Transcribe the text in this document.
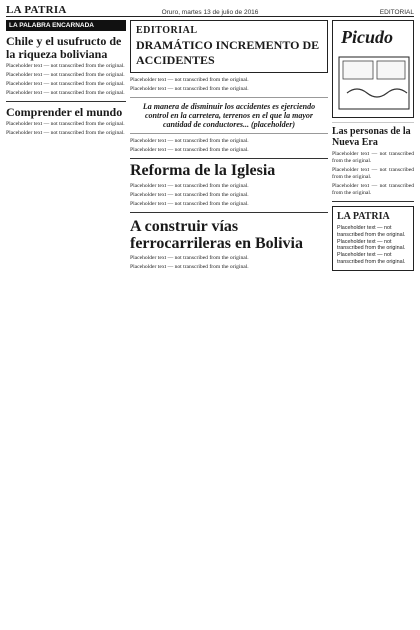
LA PATRIA	Oruro, martes 13 de julio de 2016	EDITORIAL
LA PALABRA ENCARNADA
Chile y el usufructo de la riqueza boliviana

Placeholder text — not transcribed from the original.

Placeholder text — not transcribed from the original.

Placeholder text — not transcribed from the original.

Placeholder text — not transcribed from the original.

Comprender el mundo

Placeholder text — not transcribed from the original.

Placeholder text — not transcribed from the original.

EDITORIAL
DRAMÁTICO INCREMENTO DE ACCIDENTES

Placeholder text — not transcribed from the original.

Placeholder text — not transcribed from the original.

La manera de disminuir los accidentes es ejerciendo control en la carretera, terrenos en el que la mayor cantidad de conductores... (placeholder)

Placeholder text — not transcribed from the original.

Placeholder text — not transcribed from the original.

Reforma de la Iglesia

Placeholder text — not transcribed from the original.

Placeholder text — not transcribed from the original.

Placeholder text — not transcribed from the original.

A construir vías ferrocarrileras en Bolivia

Placeholder text — not transcribed from the original.

Placeholder text — not transcribed from the original.

Picudo
Las personas de la Nueva Era

Placeholder text — not transcribed from the original.

Placeholder text — not transcribed from the original.

Placeholder text — not transcribed from the original.

LA PATRIA
Placeholder text — not transcribed from the original.
Placeholder text — not transcribed from the original.
Placeholder text — not transcribed from the original.
